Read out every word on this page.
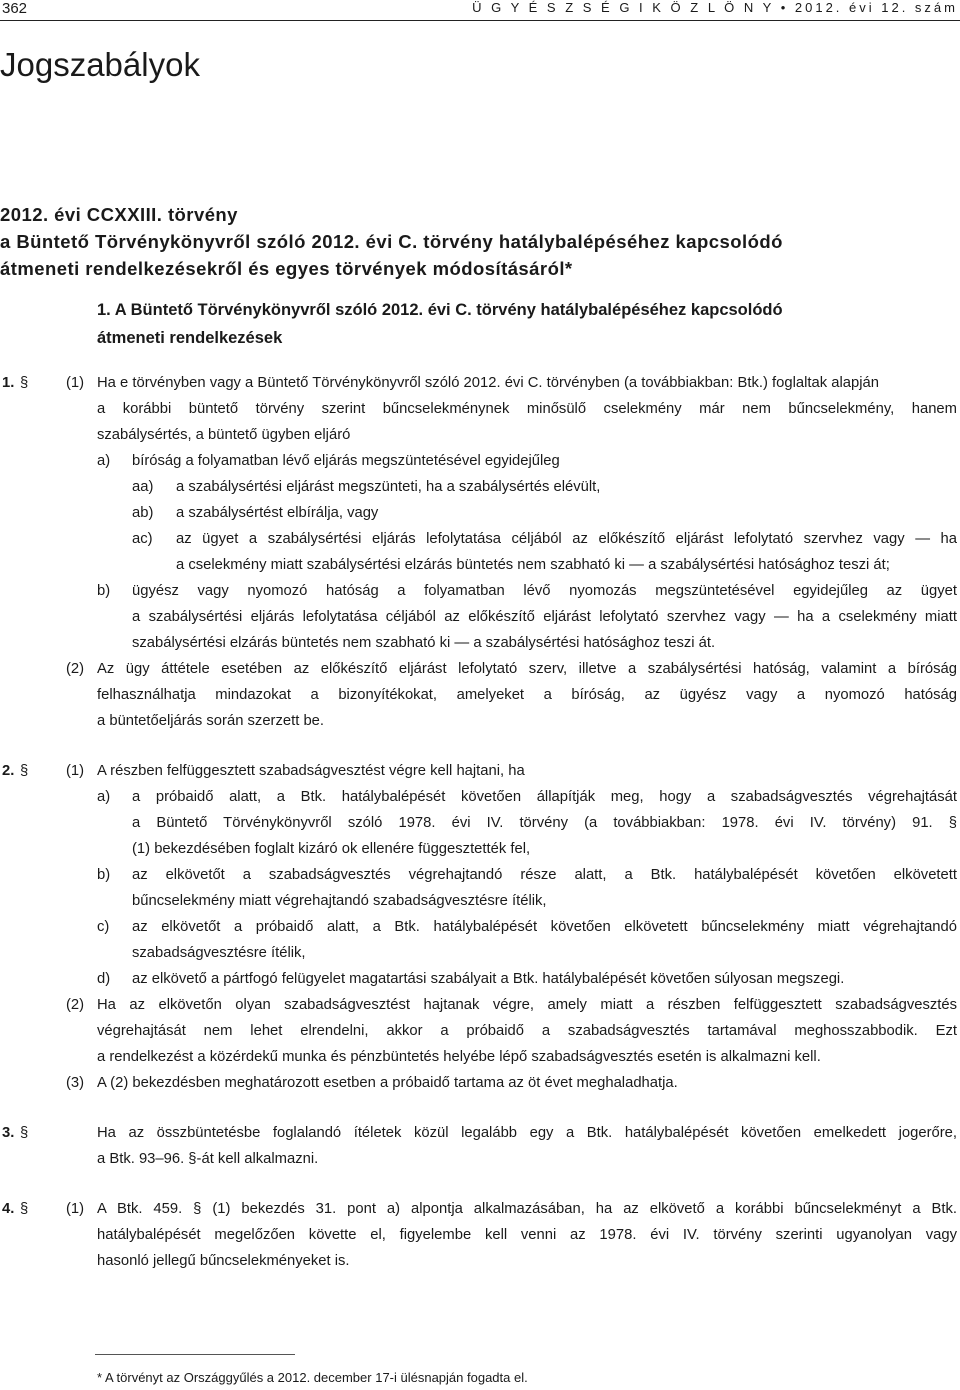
362	Ü G Y É S Z S É G I K Ö Z L Ö N Y • 2012. évi 12. szám
Jogszabályok
2012. évi CCXXIII. törvény
a Büntető Törvénykönyvről szóló 2012. évi C. törvény hatálybalépéséhez kapcsolódó
átmeneti rendelkezésekről és egyes törvények módosításáról*
1. A Büntető Törvénykönyvről szóló 2012. évi C. törvény hatálybalépéséhez kapcsolódó
átmeneti rendelkezések
1. §	(1) Ha e törvényben vagy a Büntető Törvénykönyvről szóló 2012. évi C. törvényben (a továbbiakban: Btk.) foglaltak alapján
a korábbi büntető törvény szerint bűncselekménynek minősülő cselekmény már nem bűncselekmény, hanem
szabálysértés, a büntető ügyben eljáró
a) bíróság a folyamatban lévő eljárás megszüntetésével egyidejűleg
aa) a szabálysértési eljárást megszünteti, ha a szabálysértés elévült,
ab) a szabálysértést elbírálja, vagy
ac) az ügyet a szabálysértési eljárás lefolytatása céljából az előkészítő eljárást lefolytató szervhez vagy — ha
a cselekmény miatt szabálysértési elzárás büntetés nem szabható ki — a szabálysértési hatósághoz teszi át;
b) ügyész vagy nyomozó hatóság a folyamatban lévő nyomozás megszüntetésével egyidejűleg az ügyet
a szabálysértési eljárás lefolytatása céljából az előkészítő eljárást lefolytató szervhez vagy — ha a cselekmény miatt
szabálysértési elzárás büntetés nem szabható ki — a szabálysértési hatósághoz teszi át.
(2) Az ügy áttétele esetében az előkészítő eljárást lefolytató szerv, illetve a szabálysértési hatóság, valamint a bíróság
felhasználhatja mindazokat a bizonyítékokat, amelyeket a bíróság, az ügyész vagy a nyomozó hatóság
a büntetőeljárás során szerzett be.
2. §	(1) A részben felfüggesztett szabadságvesztést végre kell hajtani, ha
a) a próbaidő alatt, a Btk. hatálybalépését követően állapítják meg, hogy a szabadságvesztés végrehajtását
a Büntető Törvénykönyvről szóló 1978. évi IV. törvény (a továbbiakban: 1978. évi IV. törvény) 91. §
(1) bekezdésében foglalt kizáró ok ellenére függesztették fel,
b) az elkövetőt a szabadságvesztés végrehajtandó része alatt, a Btk. hatálybalépését követően elkövetett
bűncselekmény miatt végrehajtandó szabadságvesztésre ítélik,
c) az elkövetőt a próbaidő alatt, a Btk. hatálybalépését követően elkövetett bűncselekmény miatt végrehajtandó
szabadságvesztésre ítélik,
d) az elkövető a pártfogó felügyelet magatartási szabályait a Btk. hatálybalépését követően súlyosan megszegi.
(2) Ha az elkövetőn olyan szabadságvesztést hajtanak végre, amely miatt a részben felfüggesztett szabadságvesztés
végrehajtását nem lehet elrendelni, akkor a próbaidő a szabadságvesztés tartamával meghosszabbodik. Ezt
a rendelkezést a közérdekű munka és pénzbüntetés helyébe lépő szabadságvesztés esetén is alkalmazni kell.
(3) A (2) bekezdésben meghatározott esetben a próbaidő tartama az öt évet meghaladhatja.
3. §	Ha az összbüntetésbe foglalandó ítéletek közül legalább egy a Btk. hatálybalépését követően emelkedett jogerőre,
a Btk. 93–96. §-át kell alkalmazni.
4. §	(1) A Btk. 459. § (1) bekezdés 31. pont a) alpontja alkalmazásában, ha az elkövető a korábbi bűncselekményt a Btk.
hatálybalépését megelőzően követte el, figyelembe kell venni az 1978. évi IV. törvény szerinti ugyanolyan vagy
hasonló jellegű bűncselekményeket is.
* A törvényt az Országgyűlés a 2012. december 17-i ülésnapján fogadta el.
